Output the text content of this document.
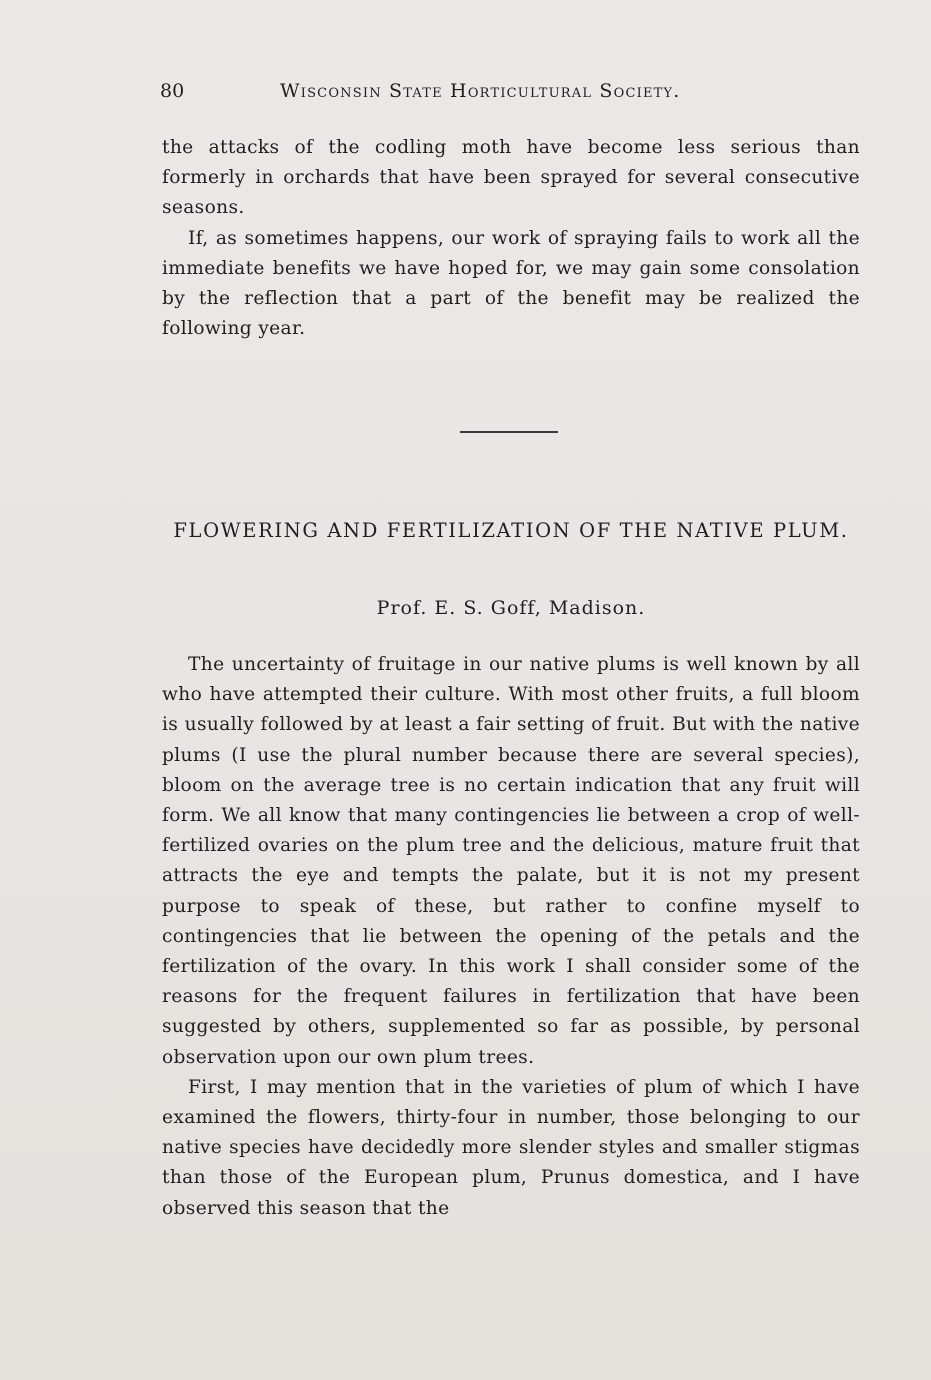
80	Wisconsin State Horticultural Society.

the attacks of the codling moth have become less serious than formerly in orchards that have been sprayed for several consecutive seasons.

If, as sometimes happens, our work of spraying fails to work all the immediate benefits we have hoped for, we may gain some consolation by the reflection that a part of the benefit may be realized the following year.

FLOWERING AND FERTILIZATION OF THE NATIVE PLUM.
Prof. E. S. Goff, Madison.

The uncertainty of fruitage in our native plums is well known by all who have attempted their culture. With most other fruits, a full bloom is usually followed by at least a fair setting of fruit. But with the native plums (I use the plural number because there are several species), bloom on the average tree is no certain indication that any fruit will form. We all know that many contingencies lie between a crop of well-fertilized ovaries on the plum tree and the delicious, mature fruit that attracts the eye and tempts the palate, but it is not my present purpose to speak of these, but rather to confine myself to contingencies that lie between the opening of the petals and the fertilization of the ovary. In this work I shall consider some of the reasons for the frequent failures in fertilization that have been suggested by others, supplemented so far as possible, by personal observation upon our own plum trees.

First, I may mention that in the varieties of plum of which I have examined the flowers, thirty-four in number, those belonging to our native species have decidedly more slender styles and smaller stigmas than those of the European plum, Prunus domestica, and I have observed this season that the
